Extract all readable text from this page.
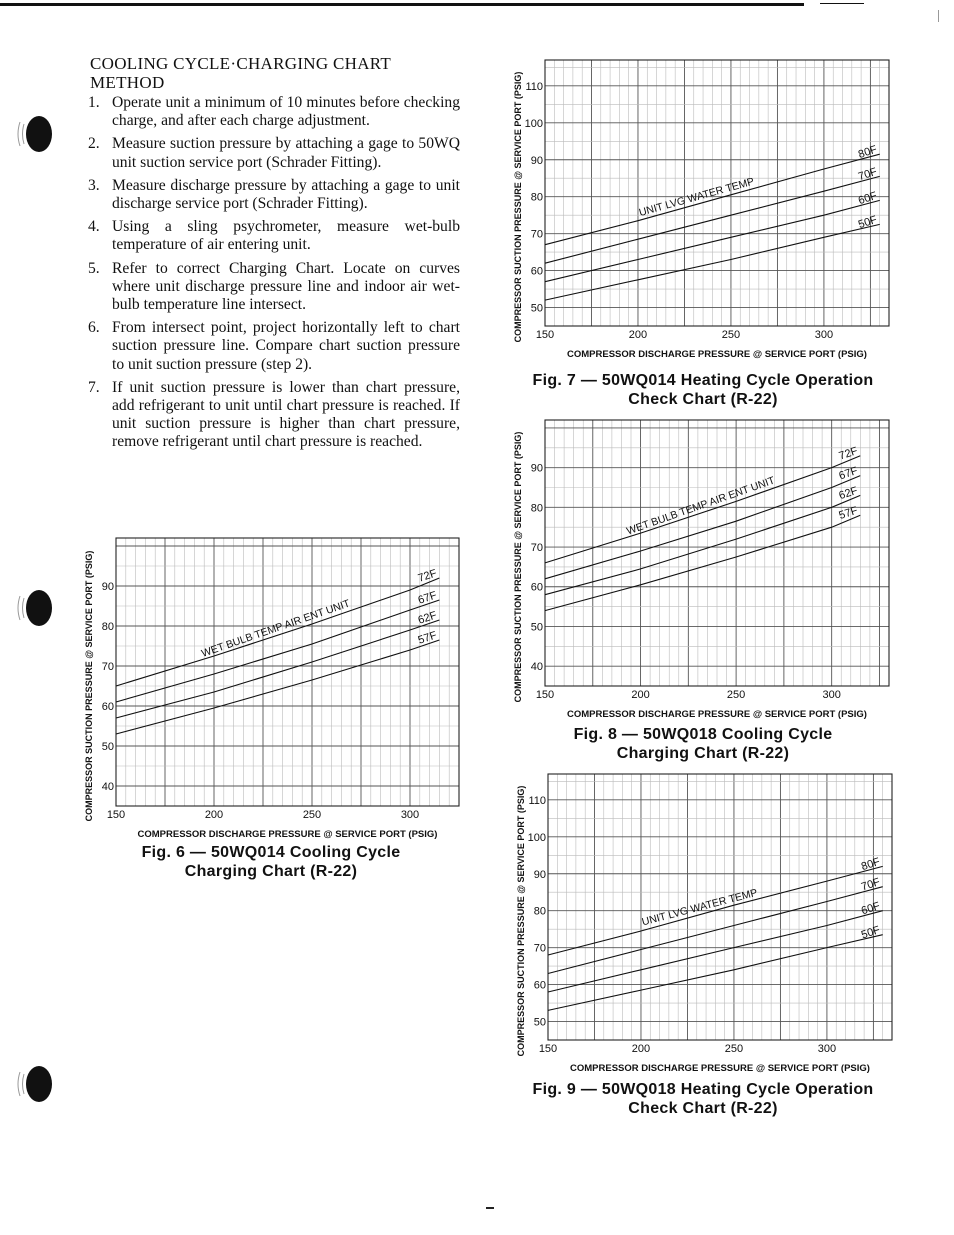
COOLING CYCLE·CHARGING CHART
METHOD
1. Operate unit a minimum of 10 minutes before checking charge, and after each charge adjustment.
2. Measure suction pressure by attaching a gage to 50WQ unit suction service port (Schrader Fitting).
3. Measure discharge pressure by attaching a gage to unit discharge service port (Schrader Fitting).
4. Using a sling psychrometer, measure wet-bulb temperature of air entering unit.
5. Refer to correct Charging Chart. Locate on curves where unit discharge pressure line and indoor air wet-bulb temperature line intersect.
6. From intersect point, project horizontally left to chart suction pressure line. Compare chart suction pressure to unit suction pressure (step 2).
7. If unit suction pressure is lower than chart pressure, add refrigerant to unit until chart pressure is reached. If unit suction pressure is higher than chart pressure, remove refrigerant until chart pressure is reached.
40
50
60
70
80
90
150	200	250	300
COMPRESSOR DISCHARGE PRESSURE @ SERVICE PORT (PSIG)
COMPRESSOR SUCTION PRESSURE @ SERVICE PORT (PSIG)	72F
67F
62F
57F
WET BULB TEMP AIR ENT UNIT
Fig. 6 — 50WQ014 Cooling Cycle
Charging Chart (R-22)
50
60
70
80
90
100
110
150	200	250	300
COMPRESSOR DISCHARGE PRESSURE @ SERVICE PORT (PSIG)
COMPRESSOR SUCTION PRESSURE @ SERVICE PORT (PSIG)	80F
70F
60F
50F
UNIT LVG WATER TEMP
Fig. 7 — 50WQ014 Heating Cycle Operation
Check Chart (R-22)
40
50
60
70
80
90
150	200	250	300
COMPRESSOR DISCHARGE PRESSURE @ SERVICE PORT (PSIG)
COMPRESSOR SUCTION PRESSURE @ SERVICE PORT (PSIG)	72F
67F
62F
57F
WET BULB TEMP AIR ENT UNIT
Fig. 8 — 50WQ018 Cooling Cycle
Charging Chart (R-22)
50
60
70
80
90
100
110
150	200	250	300
COMPRESSOR DISCHARGE PRESSURE @ SERVICE PORT (PSIG)
COMPRESSOR SUCTION PRESSURE @ SERVICE PORT (PSIG)	80F
70F
60F
50F
UNIT LVG WATER TEMP
Fig. 9 — 50WQ018 Heating Cycle Operation
Check Chart (R-22)
